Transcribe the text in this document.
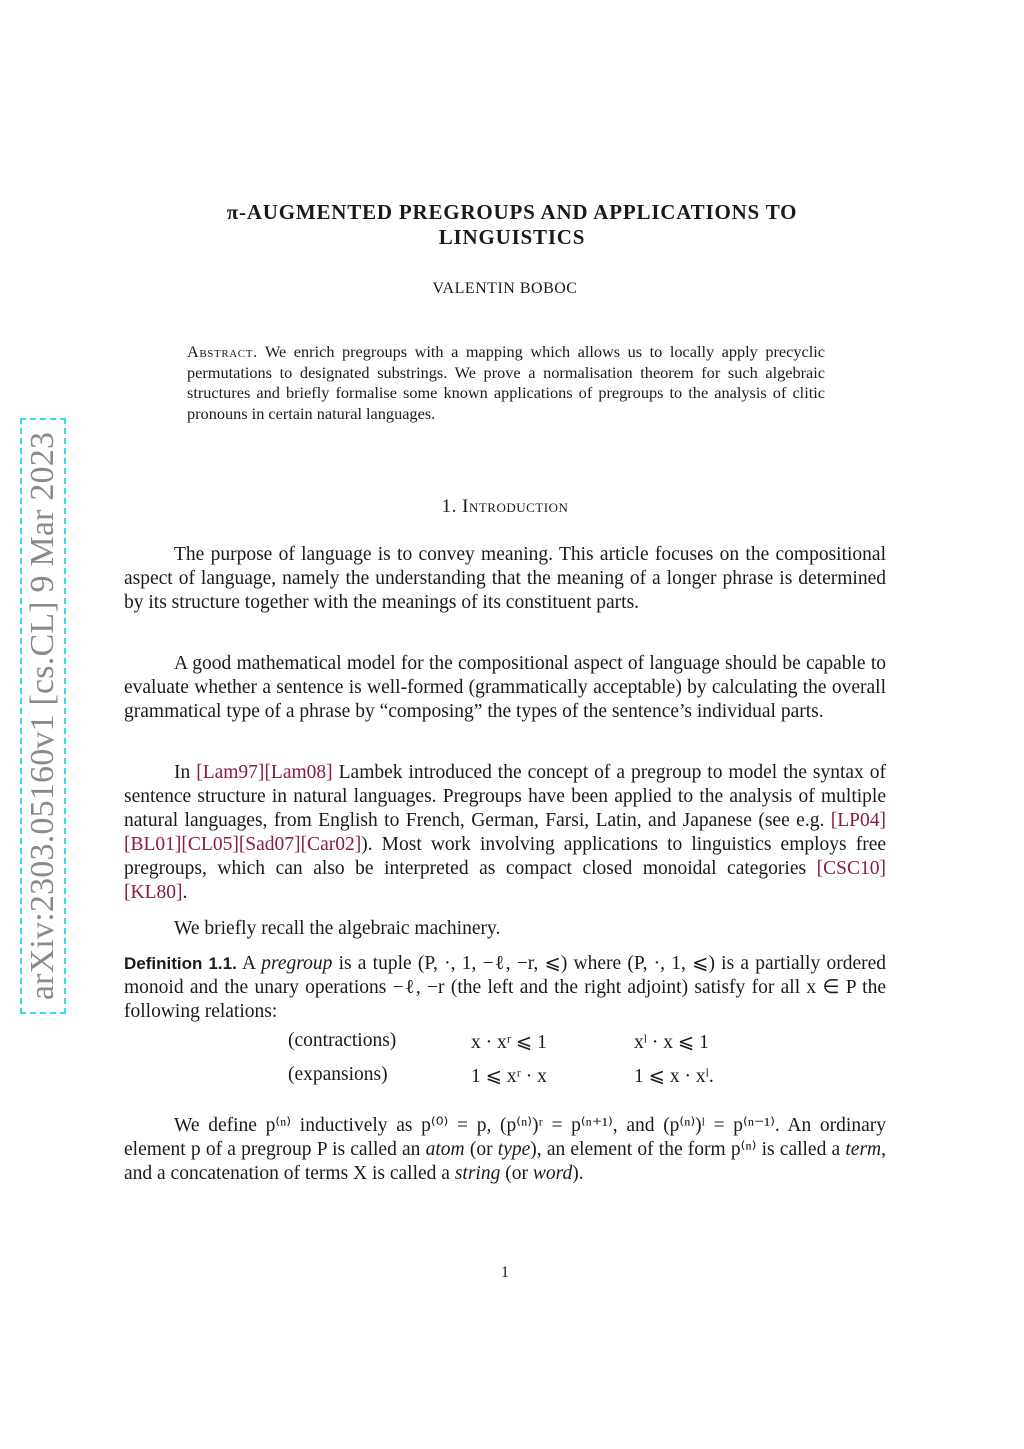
arXiv:2303.05160v1 [cs.CL] 9 Mar 2023
π-AUGMENTED PREGROUPS AND APPLICATIONS TO
LINGUISTICS
VALENTIN BOBOC
Abstract. We enrich pregroups with a mapping which allows us to locally apply precyclic permutations to designated substrings. We prove a normalisation theorem for such algebraic structures and briefly formalise some known applications of pregroups to the analysis of clitic pronouns in certain natural languages.
1. Introduction
The purpose of language is to convey meaning. This article focuses on the compositional aspect of language, namely the understanding that the meaning of a longer phrase is determined by its structure together with the meanings of its constituent parts.
A good mathematical model for the compositional aspect of language should be capable to evaluate whether a sentence is well-formed (grammatically acceptable) by calculating the overall grammatical type of a phrase by “composing” the types of the sentence’s individual parts.
In [Lam97][Lam08] Lambek introduced the concept of a pregroup to model the syntax of sentence structure in natural languages. Pregroups have been applied to the analysis of multiple natural languages, from English to French, German, Farsi, Latin, and Japanese (see e.g. [LP04][BL01][CL05][Sad07][Car02]). Most work involving applications to linguistics employs free pregroups, which can also be interpreted as compact closed monoidal categories [CSC10][KL80].
We briefly recall the algebraic machinery.
Definition 1.1. A pregroup is a tuple (P, ·, 1, −ℓ, −r, ⩽) where (P, ·, 1, ⩽) is a partially ordered monoid and the unary operations −ℓ, −r (the left and the right adjoint) satisfy for all x ∈ P the following relations:
(contractions)	x · xʳ ⩽ 1	xˡ · x ⩽ 1
(expansions)	1 ⩽ xʳ · x	1 ⩽ x · xˡ.
We define p⁽ⁿ⁾ inductively as p⁽⁰⁾ = p, (p⁽ⁿ⁾)ʳ = p⁽ⁿ⁺¹⁾, and (p⁽ⁿ⁾)ˡ = p⁽ⁿ⁻¹⁾. An ordinary element p of a pregroup P is called an atom (or type), an element of the form p⁽ⁿ⁾ is called a term, and a concatenation of terms X is called a string (or word).
1
